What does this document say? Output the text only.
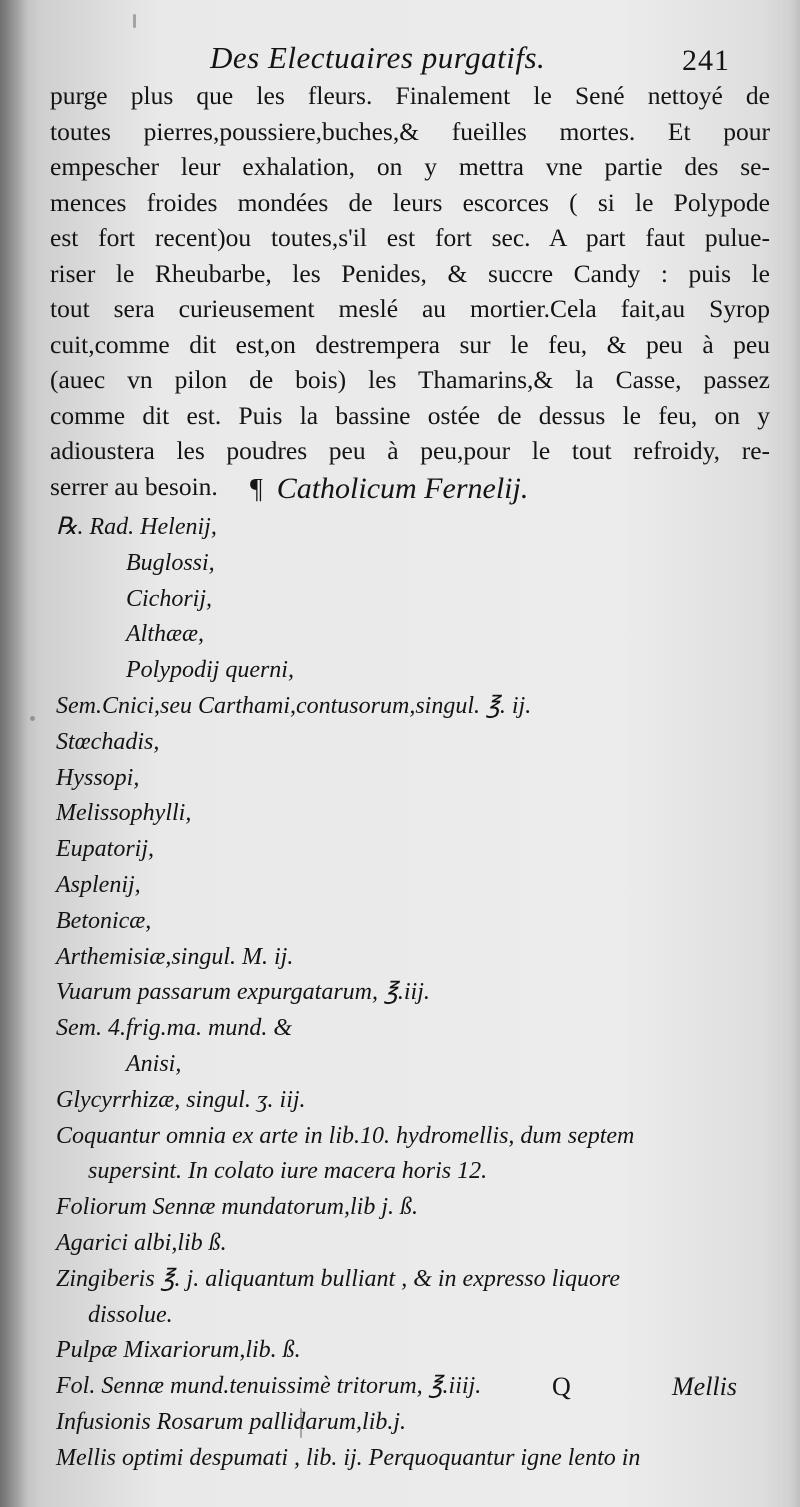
Des Electuaires purgatifs.	241
purge plus que les fleurs. Finalement le Sené nettoyé de
toutes pierres,poussiere,buches,& fueilles mortes. Et pour
empescher leur exhalation, on y mettra vne partie des se-
mences froides mondées de leurs escorces ( si le Polypode
est fort recent)ou toutes,s'il est fort sec. A part faut pulue-
riser le Rheubarbe, les Penides, & succre Candy : puis le
tout sera curieusement meslé au mortier.Cela fait,au Syrop
cuit,comme dit est,on destrempera sur le feu, & peu à peu
(auec vn pilon de bois) les Thamarins,& la Casse, passez
comme dit est. Puis la bassine ostée de dessus le feu, on y
adioustera les poudres peu à peu,pour le tout refroidy, re-
serrer au besoin.	¶ Catholicum Fernelij.
℞. Rad. Helenij,
Buglossi,
Cichorij,
Althææ,
Polypodij querni,
Sem.Cnici,seu Carthami,contusorum,singul. ℥. ij.
Stœchadis,
Hyssopi,
Melissophylli,
Eupatorij,
Asplenij,
Betonicæ,
Arthemisiæ,singul. M. ij.
Vuarum passarum expurgatarum, ℥.iij.
Sem. 4.frig.ma. mund. &
Anisi,
Glycyrrhizæ, singul. ʒ. iij.
Coquantur omnia ex arte in lib.10. hydromellis, dum septem
supersint. In colato iure macera horis 12.
Foliorum Sennæ mundatorum,lib j. ß.
Agarici albi,lib ß.
Zingiberis ℥. j. aliquantum bulliant , & in expresso liquore
dissolue.
Pulpæ Mixariorum,lib. ß.
Fol. Sennæ mund.tenuissimè tritorum, ℥.iiij.
Infusionis Rosarum pallidarum,lib.j.
Mellis optimi despumati , lib. ij. Perquoquantur igne lento in
Q	Mellis
